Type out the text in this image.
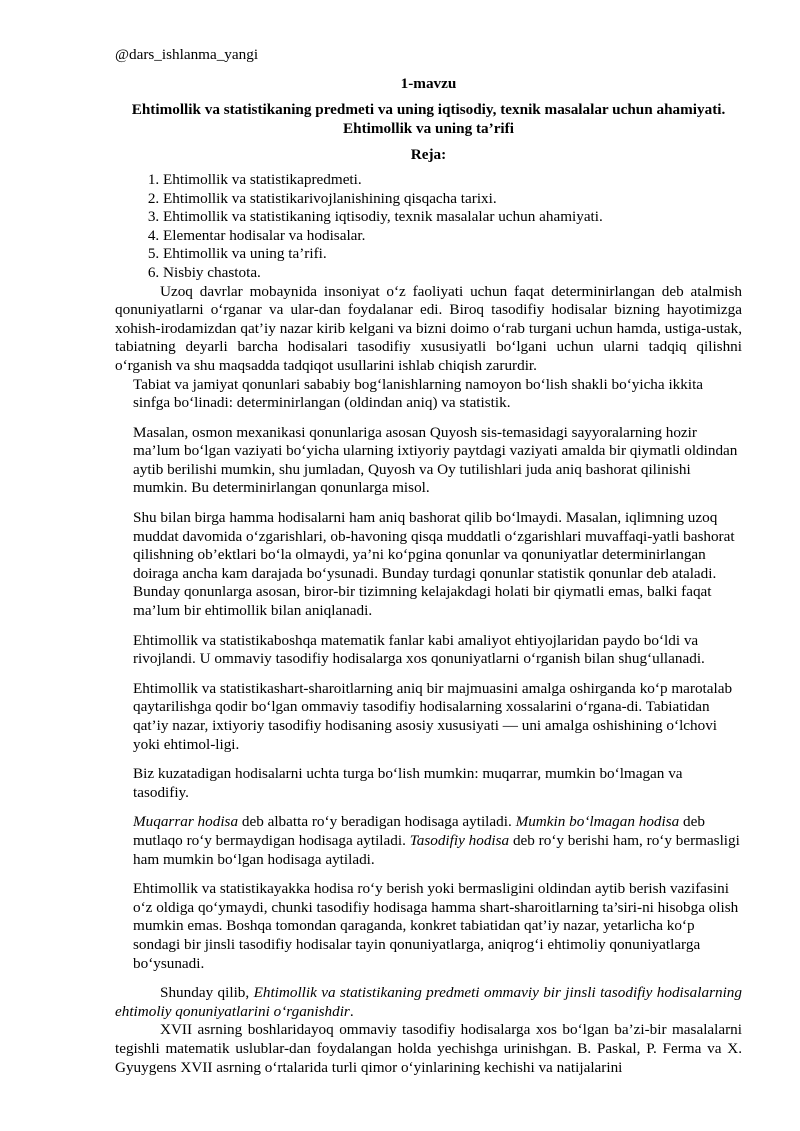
@dars_ishlanma_yangi
1-mavzu
Ehtimollik va statistikaning predmeti va uning iqtisodiy, texnik masalalar uchun ahamiyati. Ehtimollik va uning ta’rifi
Reja:
1. Ehtimollik va statistikapredmeti.
2. Ehtimollik va statistikarivojlanishining qisqacha tarixi.
3. Ehtimollik va statistikaning iqtisodiy, texnik masalalar uchun ahamiyati.
4. Elementar hodisalar va hodisalar.
5. Ehtimollik va uning ta’rifi.
6. Nisbiy chastota.

Uzoq davrlar mobaynida insoniyat o‘z faoliyati uchun faqat determinirlangan deb atalmish qonuniyatlarni o‘rganar va ular-dan foydalanar edi. Biroq tasodifiy hodisalar bizning hayotimizga xohish-irodamizdan qat’iy nazar kirib kelgani va bizni doimo o‘rab turgani uchun hamda, ustiga-ustak, tabiatning deyarli barcha hodisalari tasodifiy xususiyatli bo‘lgani uchun ularni tadqiq qilishni o‘rganish va shu maqsadda tadqiqot usullarini ishlab chiqish zarurdir.

Tabiat va jamiyat qonunlari sababiy bog‘lanishlarning namoyon bo‘lish shakli bo‘yicha ikkita sinfga bo‘linadi: determinirlangan (oldindan aniq) va statistik.

Masalan, osmon mexanikasi qonunlariga asosan Quyosh sis-temasidagi sayyoralarning hozir ma’lum bo‘lgan vaziyati bo‘yicha ularning ixtiyoriy paytdagi vaziyati amalda bir qiymatli oldindan aytib berilishi mumkin, shu jumladan, Quyosh va Oy tutilishlari juda aniq bashorat qilinishi mumkin. Bu determinirlangan qonunlarga misol.

Shu bilan birga hamma hodisalarni ham aniq bashorat qilib bo‘lmaydi. Masalan, iqlimning uzoq muddat davomida o‘zgarishlari, ob-havoning qisqa muddatli o‘zgarishlari muvaffaqi-yatli bashorat qilishning ob’ektlari bo‘la olmaydi, ya’ni ko‘pgina qonunlar va qonuniyatlar determinirlangan doiraga ancha kam darajada bo‘ysunadi. Bunday turdagi qonunlar statistik qonunlar deb ataladi. Bunday qonunlarga asosan, biror-bir tizimning kelajakdagi holati bir qiymatli emas, balki faqat ma’lum bir ehtimollik bilan aniqlanadi.

Ehtimollik va statistikaboshqa matematik fanlar kabi amaliyot ehtiyojlaridan paydo bo‘ldi va rivojlandi. U ommaviy tasodifiy hodisalarga xos qonuniyatlarni o‘rganish bilan shug‘ullanadi.

Ehtimollik va statistikashart-sharoitlarning aniq bir majmuasini amalga oshirganda ko‘p marotalab qaytarilishga qodir bo‘lgan ommaviy tasodifiy hodisalarning xossalarini o‘rgana-di. Tabiatidan qat’iy nazar, ixtiyoriy tasodifiy hodisaning asosiy xususiyati — uni amalga oshishining o‘lchovi yoki ehtimol-ligi.

Biz kuzatadigan hodisalarni uchta turga bo‘lish mumkin: muqarrar, mumkin bo‘lmagan va tasodifiy.

Muqarrar hodisa deb albatta ro‘y beradigan hodisaga aytiladi. Mumkin bo‘lmagan hodisa deb mutlaqo ro‘y bermaydigan hodisaga aytiladi. Tasodifiy hodisa deb ro‘y berishi ham, ro‘y bermasligi ham mumkin bo‘lgan hodisaga aytiladi.

Ehtimollik va statistikayakka hodisa ro‘y berish yoki bermasligini oldindan aytib berish vazifasini o‘z oldiga qo‘ymaydi, chunki tasodifiy hodisaga hamma shart-sharoitlarning ta’siri-ni hisobga olish mumkin emas. Boshqa tomondan qaraganda, konkret tabiatidan qat’iy nazar, yetarlicha ko‘p sondagi bir jinsli tasodifiy hodisalar tayin qonuniyatlarga, aniqrog‘i ehtimoliy qonuniyatlarga bo‘ysunadi.

Shunday qilib, Ehtimollik va statistikaning predmeti ommaviy bir jinsli tasodifiy hodisalarning ehtimoliy qonuniyatlarini o‘rganishdir.

XVII asrning boshlaridayoq ommaviy tasodifiy hodisalarga xos bo‘lgan ba’zi-bir masalalarni tegishli matematik uslublar-dan foydalangan holda yechishga urinishgan. B. Paskal, P. Ferma va X. Gyuygens XVII asrning o‘rtalarida turli qimor o‘yinlarining kechishi va natijalarini
